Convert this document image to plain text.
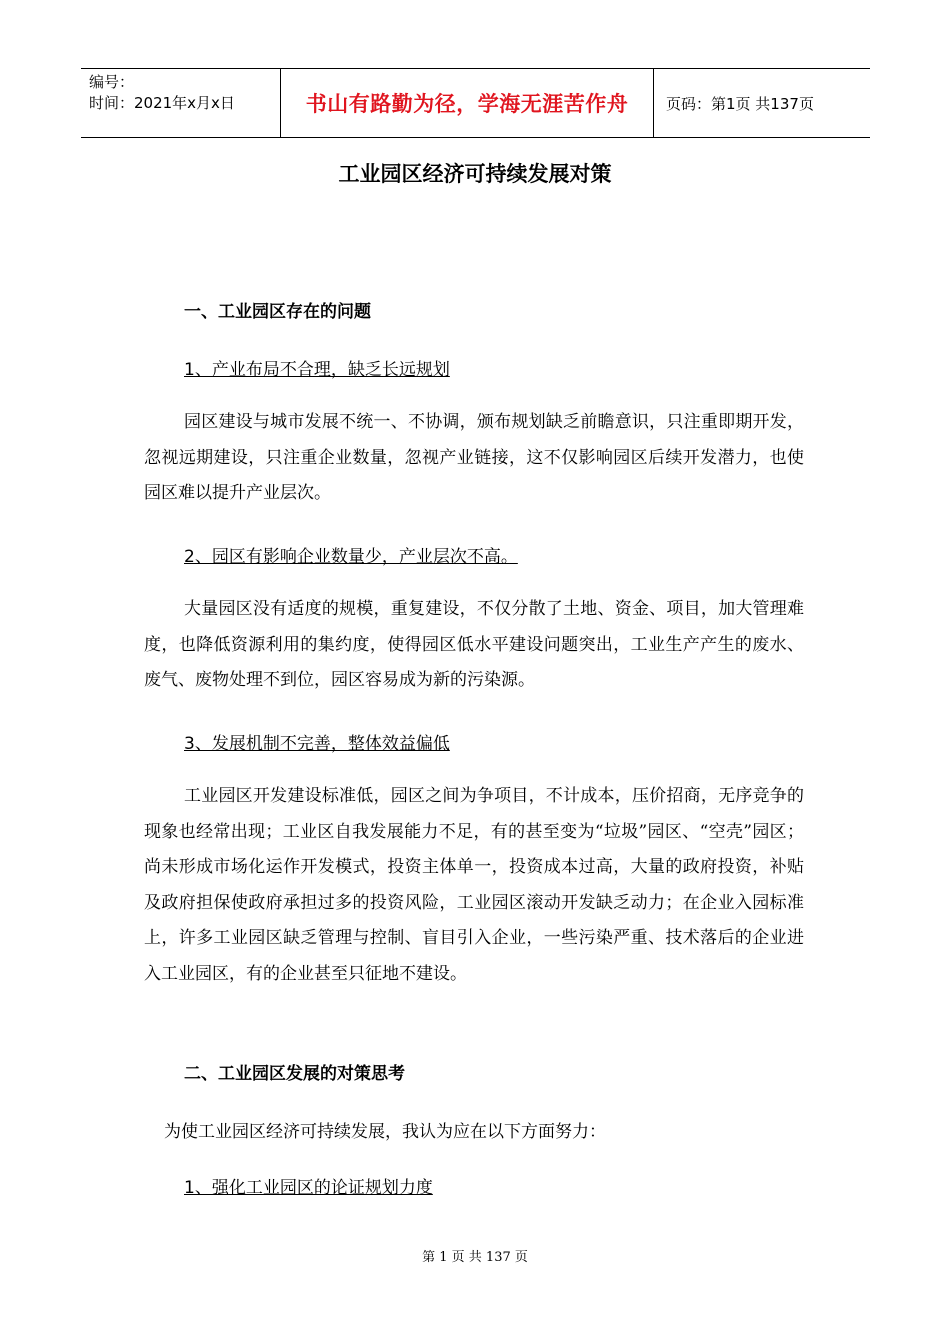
编号：
时间：2021年x月x日	书山有路勤为径，学海无涯苦作舟	页码：第1页 共137页
工业园区经济可持续发展对策
一、工业园区存在的问题
1、产业布局不合理，缺乏长远规划
园区建设与城市发展不统一、不协调，颁布规划缺乏前瞻意识，只注重即期开发，忽视远期建设，只注重企业数量，忽视产业链接，这不仅影响园区后续开发潜力，也使园区难以提升产业层次。
2、园区有影响企业数量少，产业层次不高。
大量园区没有适度的规模，重复建设，不仅分散了土地、资金、项目，加大管理难度，也降低资源利用的集约度，使得园区低水平建设问题突出，工业生产产生的废水、废气、废物处理不到位，园区容易成为新的污染源。
3、发展机制不完善，整体效益偏低
工业园区开发建设标准低，园区之间为争项目，不计成本，压价招商，无序竞争的现象也经常出现；工业区自我发展能力不足，有的甚至变为“垃圾”园区、“空壳”园区；尚未形成市场化运作开发模式，投资主体单一，投资成本过高，大量的政府投资，补贴及政府担保使政府承担过多的投资风险，工业园区滚动开发缺乏动力；在企业入园标准上，许多工业园区缺乏管理与控制、盲目引入企业，一些污染严重、技术落后的企业进入工业园区，有的企业甚至只征地不建设。
二、工业园区发展的对策思考
为使工业园区经济可持续发展，我认为应在以下方面努力：
1、强化工业园区的论证规划力度
第 1 页 共 137 页
